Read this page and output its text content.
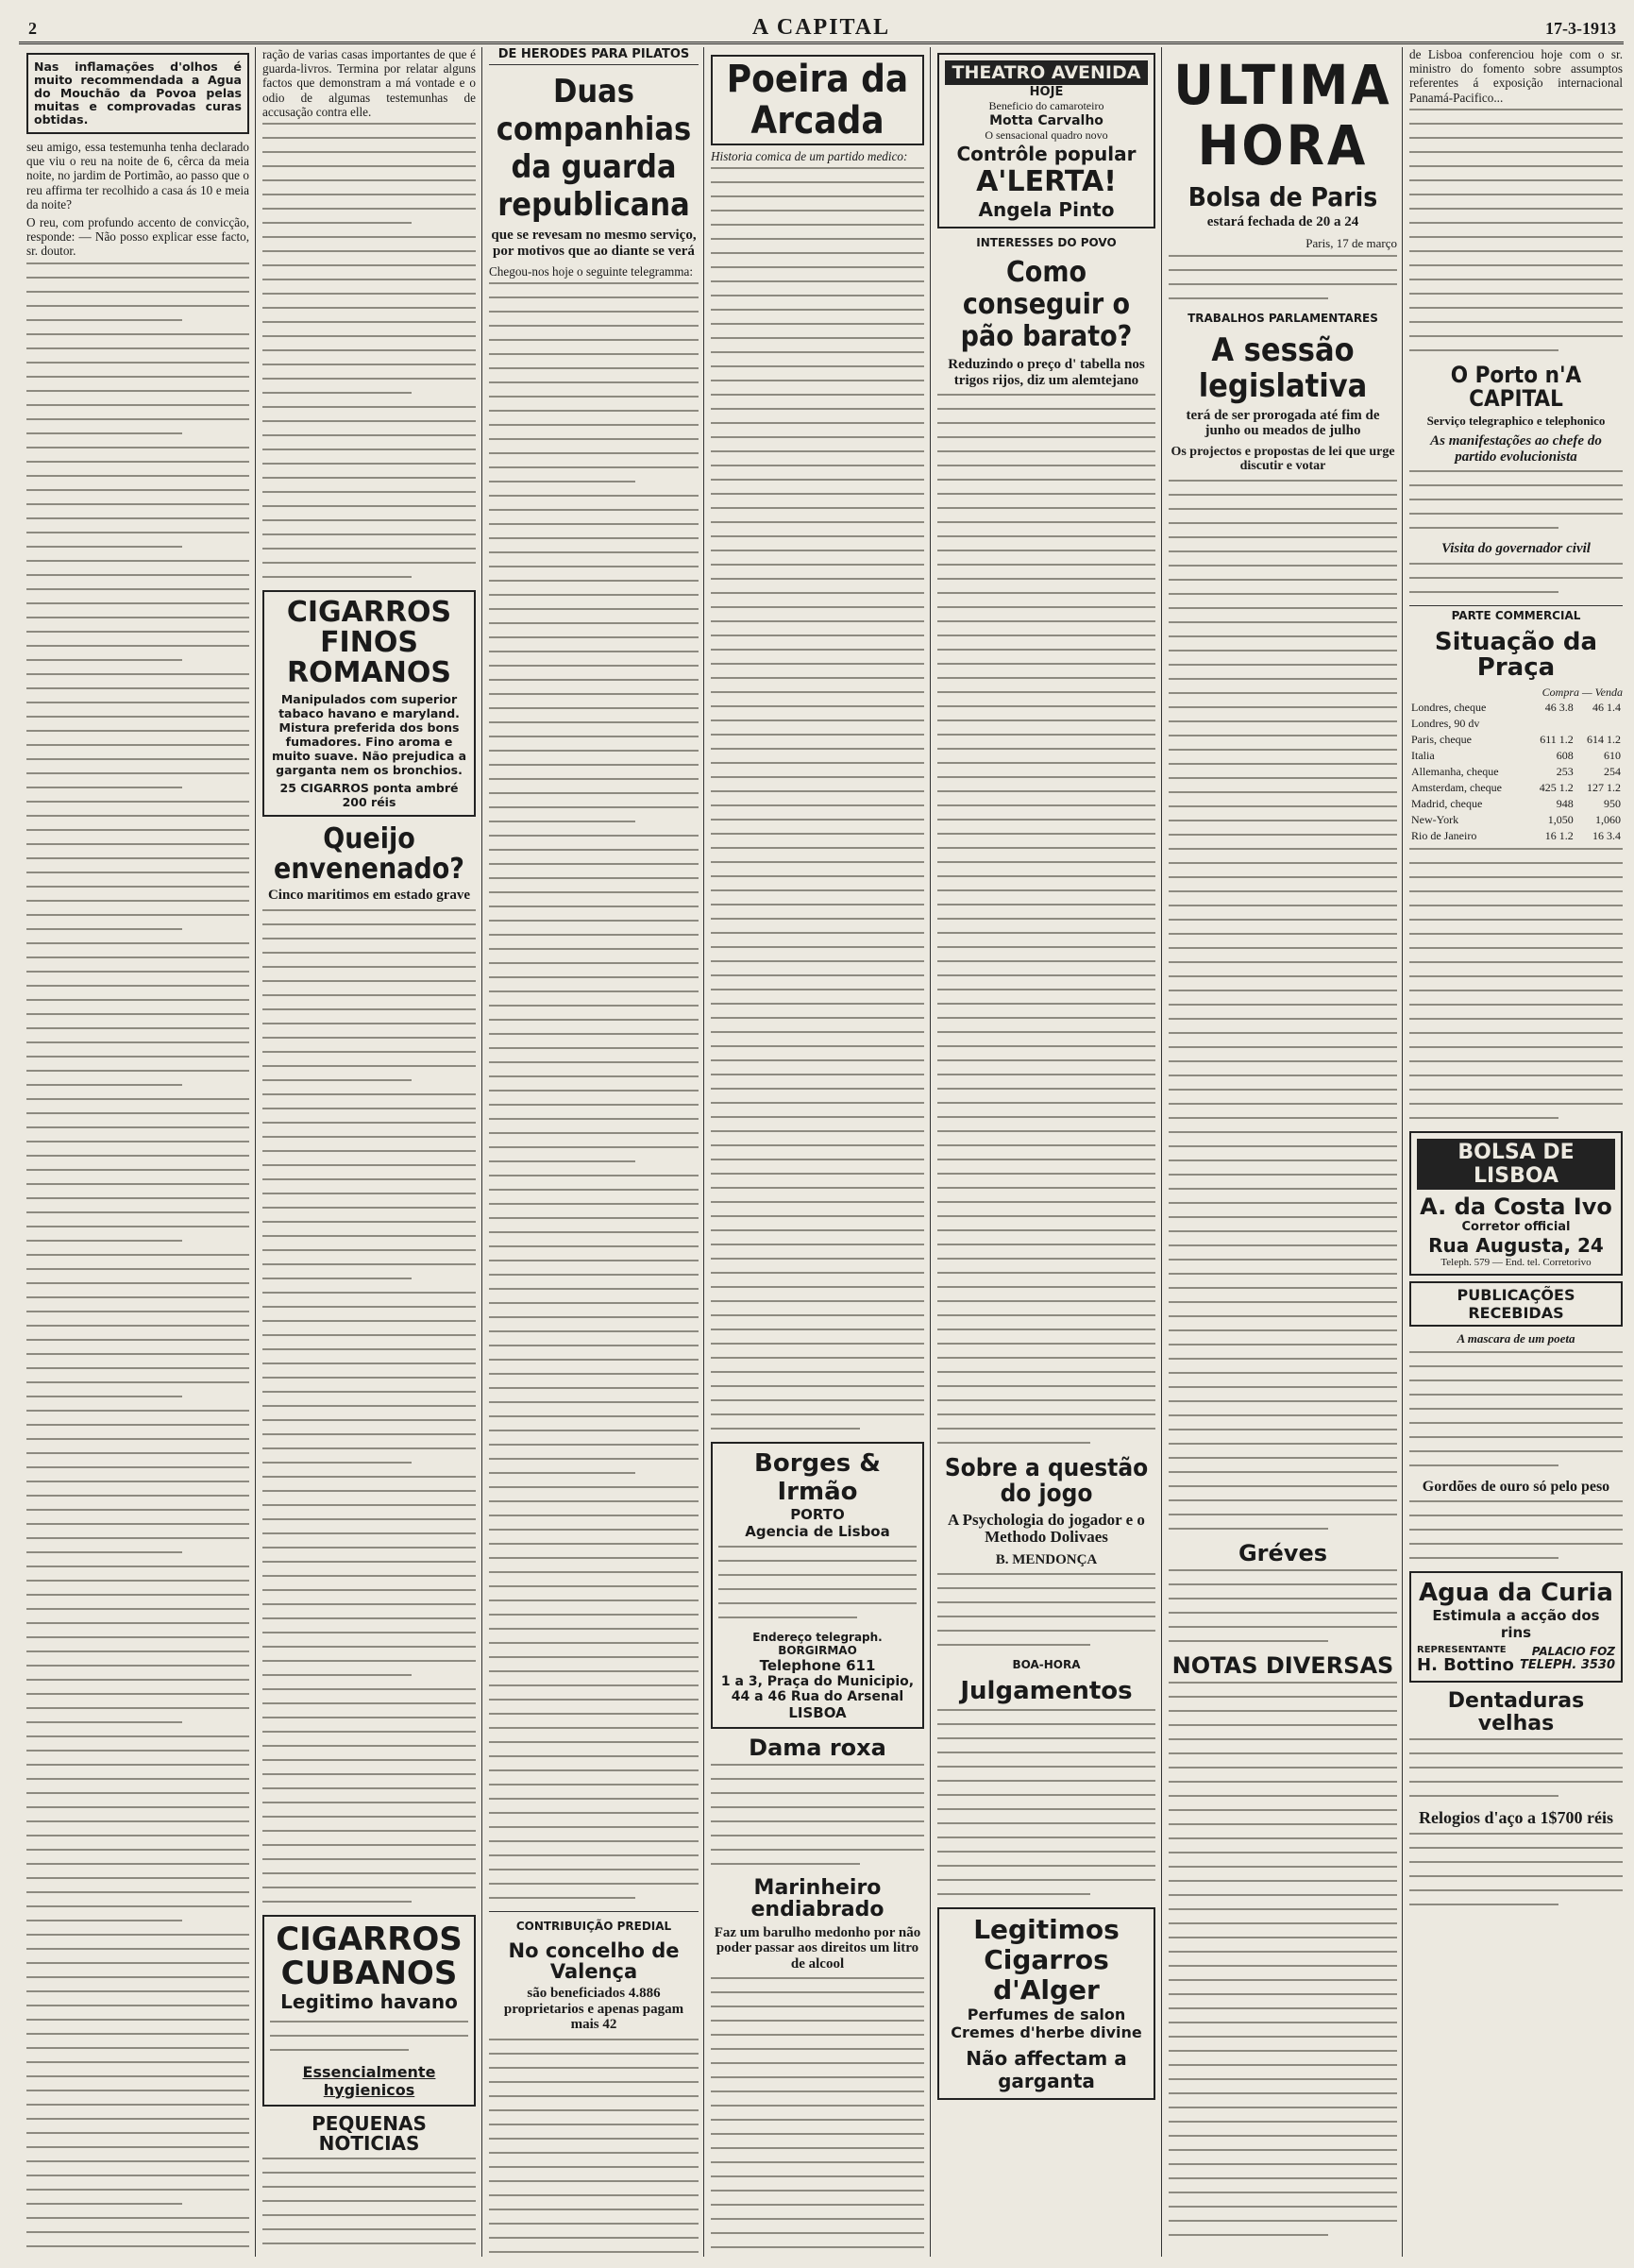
2	A CAPITAL	17-3-1913

Nas inflamações d'olhos é muito recommendada a Agua do Mouchão da Povoa pelas muitas e comprovadas curas obtidas.

seu amigo, essa testemunha tenha declarado que viu o reu na noite de 6, cêrca da meia noite, no jardim de Portimão, ao passo que o reu affirma ter recolhido a casa ás 10 e meia da noite?

O reu, com profundo accento de convicção, responde: — Não posso explicar esse facto, sr. doutor.

ração de varias casas importantes de que é guarda-livros. Termina por relatar alguns factos que demonstram a má vontade e o odio de algumas testemunhas de accusação contra elle.

CIGARROS FINOS ROMANOS

Manipulados com superior tabaco havano e maryland. Mistura preferida dos bons fumadores. Fino aroma e muito suave. Não prejudica a garganta nem os bronchios.

25 CIGARROS ponta ambré 200 réis
Queijo envenenado?
Cinco maritimos em estado grave
CIGARROS CUBANOS
Legitimo havano
Essencialmente hygienicos
PEQUENAS NOTICIAS
DE HERODES PARA PILATOS
Duas companhias da guarda republicana
que se revesam no mesmo serviço, por motivos que ao diante se verá

Chegou-nos hoje o seguinte telegramma:

CONTRIBUIÇÃO PREDIAL
No concelho de Valença
são beneficiados 4.886 proprietarios e apenas pagam mais 42
Poeira da Arcada

Historia comica de um partido medico:

Borges & Irmão
PORTO
Agencia de Lisboa
Endereço telegraph. BORGIRMAO
Telephone 611
1 a 3, Praça do Municipio, 44 a 46 Rua do Arsenal
LISBOA
Dama roxa
Marinheiro endiabrado
Faz um barulho medonho por não poder passar aos direitos um litro de alcool
THEATRO AVENIDA
HOJE
Beneficio do camaroteiro
Motta Carvalho
O sensacional quadro novo
Contrôle popular
A'LERTA!
Angela Pinto
INTERESSES DO POVO
Como conseguir o pão barato?
Reduzindo o preço d' tabella nos trigos rijos, diz um alemtejano
Sobre a questão do jogo
A Psychologia do jogador e o Methodo Dolivaes
B. MENDONÇA
BOA-HORA
Julgamentos
Legitimos Cigarros d'Alger
Perfumes de salon
Cremes d'herbe divine
Não affectam a garganta
ULTIMA HORA
Bolsa de Paris
estará fechada de 20 a 24
Paris, 17 de março
TRABALHOS PARLAMENTARES
A sessão legislativa
terá de ser prorogada até fim de junho ou meados de julho
Os projectos e propostas de lei que urge discutir e votar
Gréves
NOTAS DIVERSAS

de Lisboa conferenciou hoje com o sr. ministro do fomento sobre assumptos referentes á exposição internacional Panamá-Pacifico...

O Porto n'A CAPITAL
Serviço telegraphico e telephonico
As manifestações ao chefe do partido evolucionista
Visita do governador civil
PARTE COMMERCIAL
Situação da Praça
Compra — Venda
Londres, cheque	46 3.8	46 1.4
Londres, 90 dv		
Paris, cheque	611 1.2	614 1.2
Italia	608	610
Allemanha, cheque	253	254
Amsterdam, cheque	425 1.2	127 1.2
Madrid, cheque	948	950
New-York	1,050	1,060
Rio de Janeiro	16 1.2	16 3.4
BOLSA DE LISBOA
A. da Costa Ivo
Corretor official
Rua Augusta, 24
Teleph. 579 — End. tel. Corretorivo
PUBLICAÇÕES RECEBIDAS
A mascara de um poeta
Gordões de ouro só pelo peso
Agua da Curia
Estimula a acção dos rins
REPRESENTANTE
H. Bottino
PALACIO FOZ
TELEPH. 3530
Dentaduras velhas
Relogios d'aço a 1$700 réis
